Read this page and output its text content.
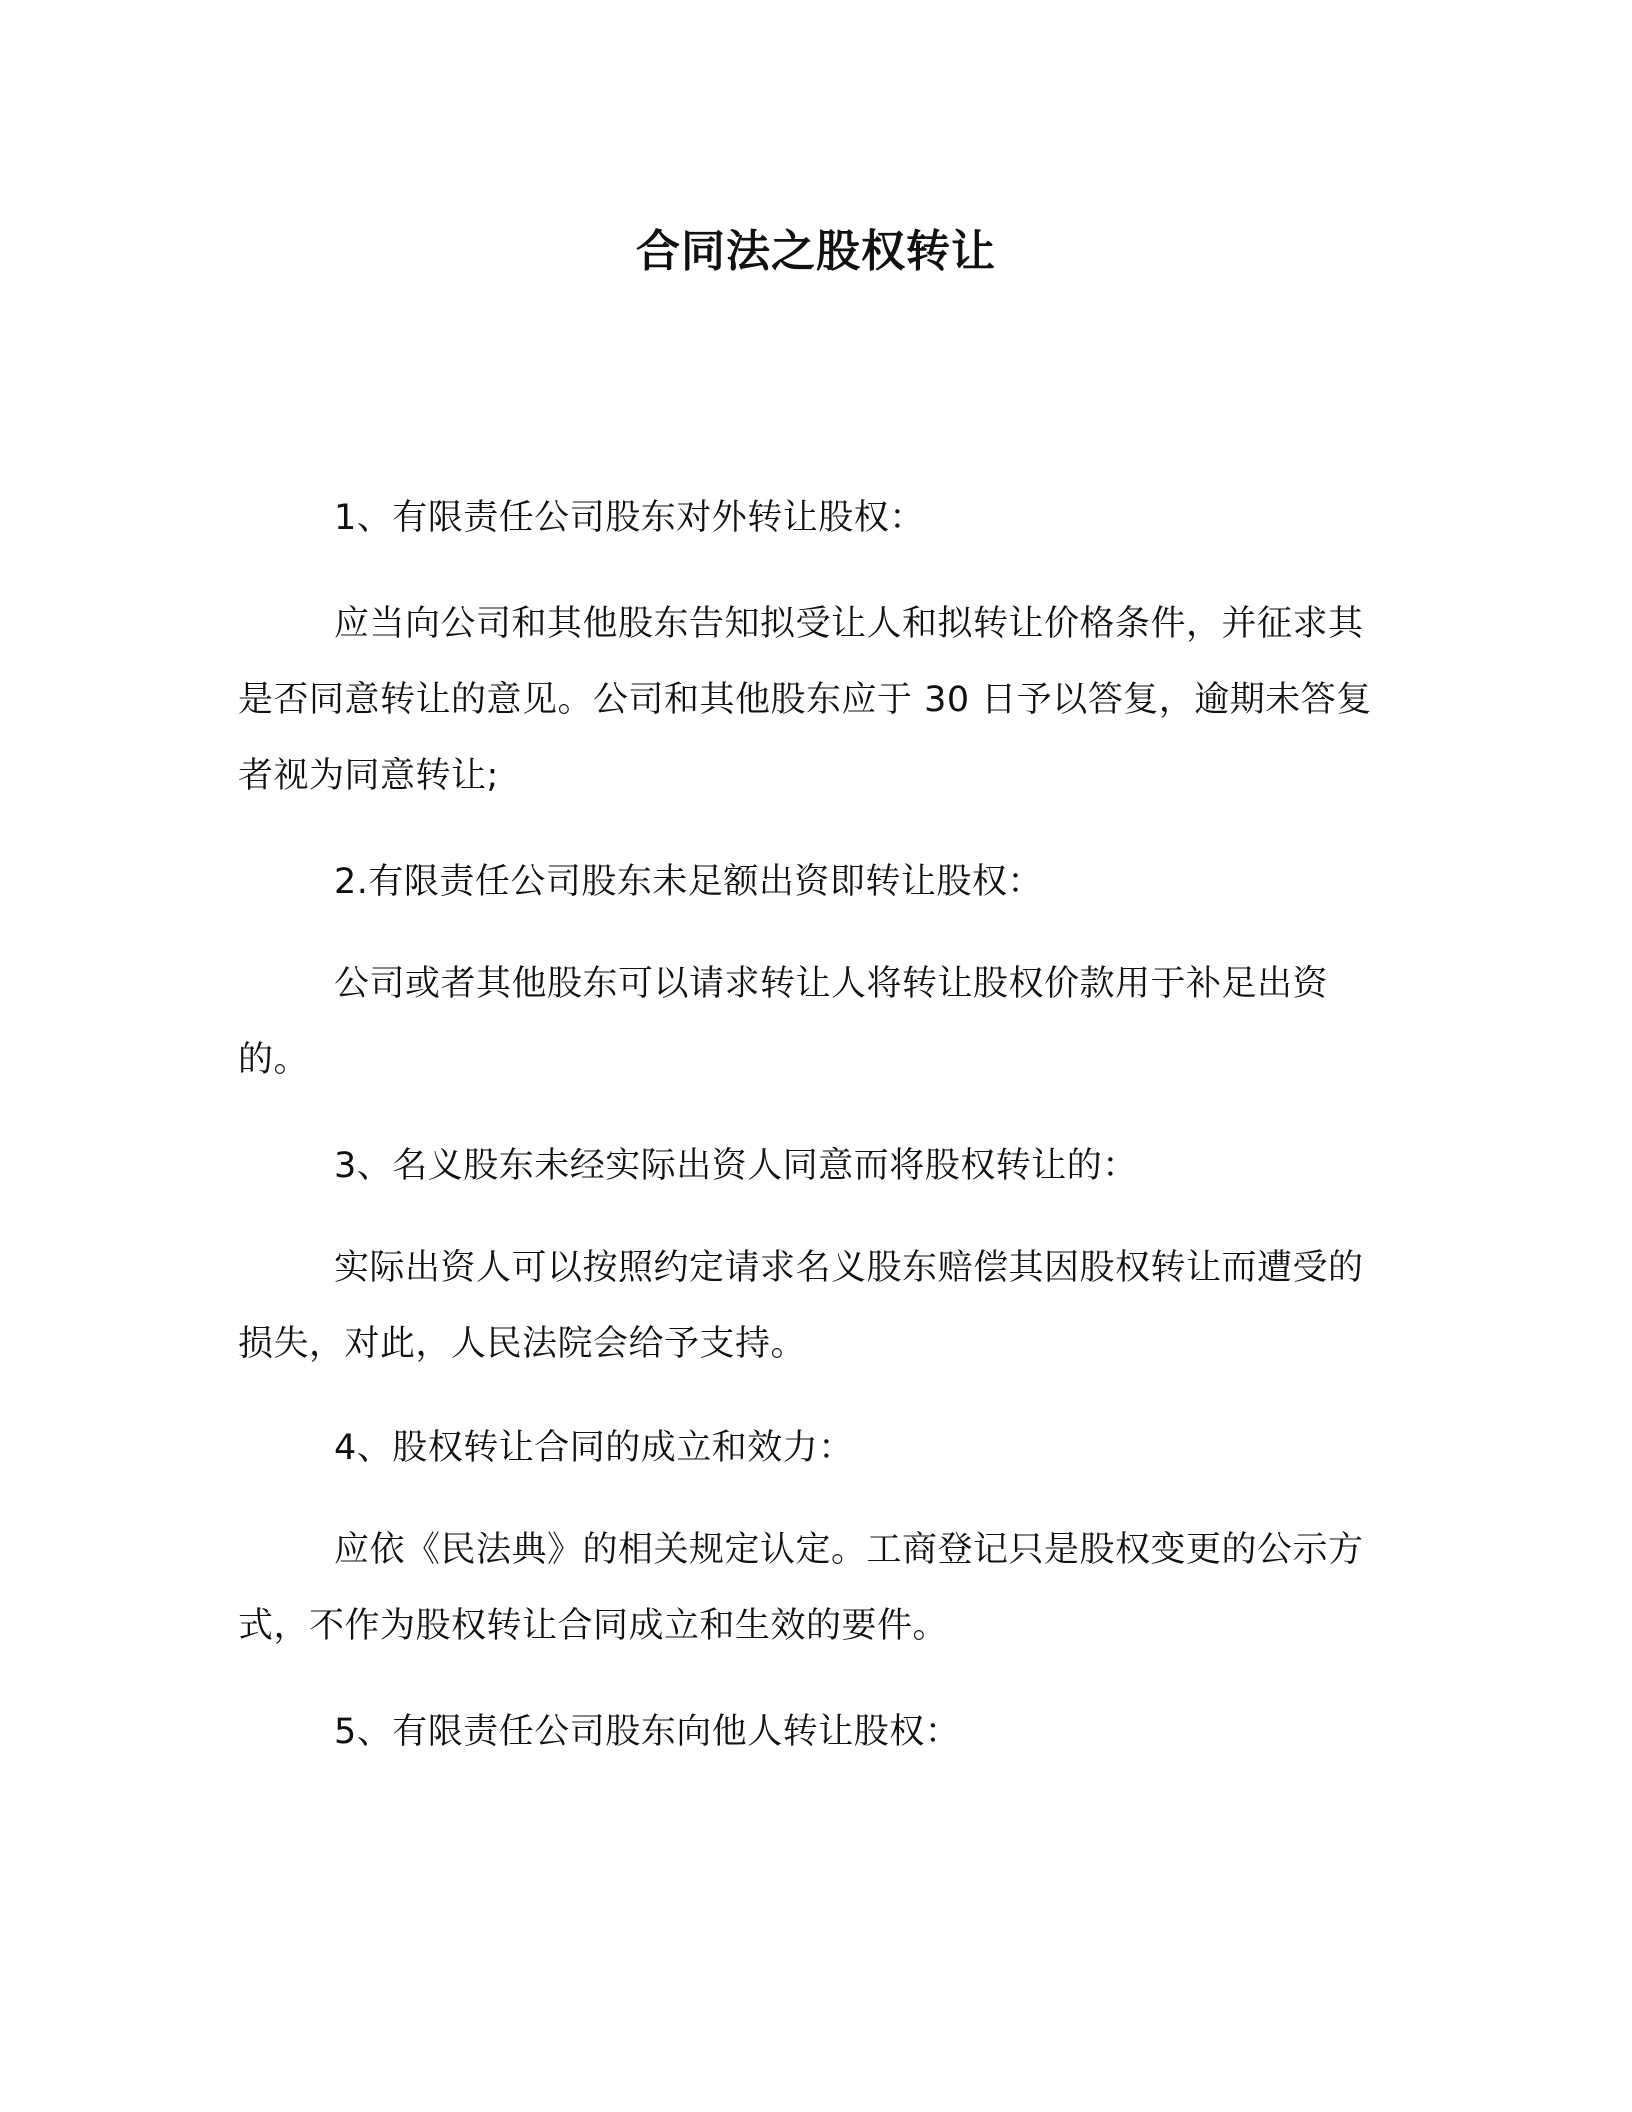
合同法之股权转让

1、有限责任公司股东对外转让股权：

应当向公司和其他股东告知拟受让人和拟转让价格条件，并征求其是否同意转让的意见。公司和其他股东应于 30 日予以答复，逾期未答复者视为同意转让;

2.有限责任公司股东未足额出资即转让股权：

公司或者其他股东可以请求转让人将转让股权价款用于补足出资的。

3、名义股东未经实际出资人同意而将股权转让的：

实际出资人可以按照约定请求名义股东赔偿其因股权转让而遭受的损失，对此，人民法院会给予支持。

4、股权转让合同的成立和效力：

应依《民法典》的相关规定认定。工商登记只是股权变更的公示方式，不作为股权转让合同成立和生效的要件。

5、有限责任公司股东向他人转让股权：
